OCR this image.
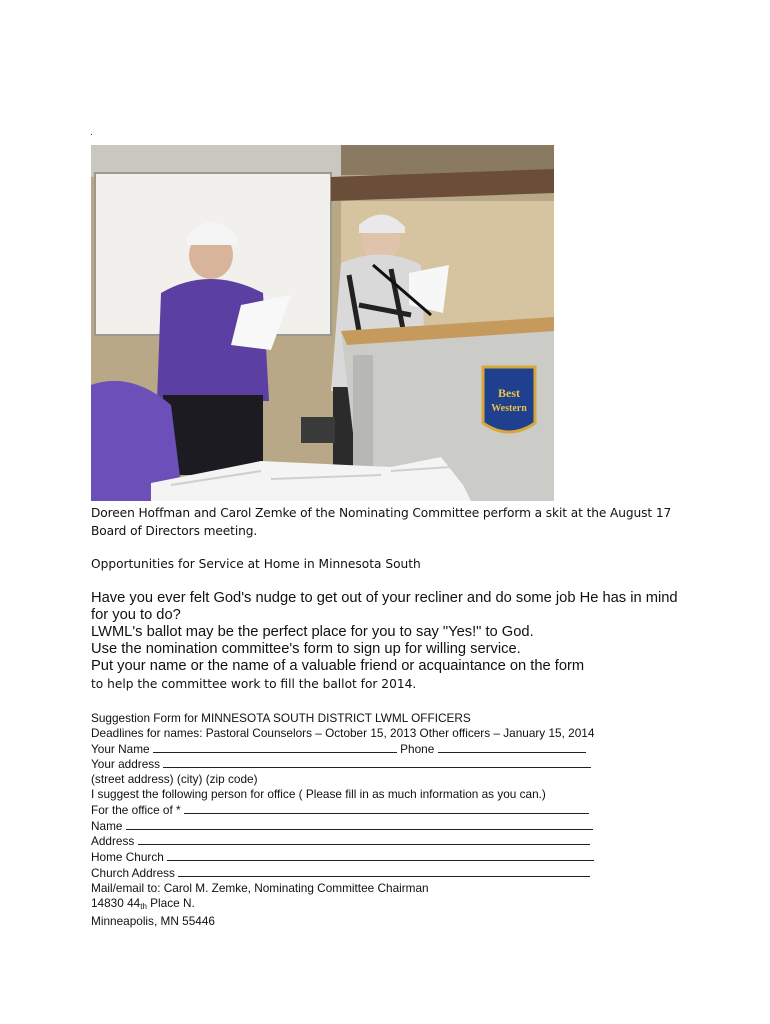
.
Best
Western
Doreen Hoffman and Carol Zemke of the Nominating Committee perform a skit at the August 17 Board of Directors meeting.
Opportunities for Service at Home in Minnesota South
Have you ever felt God's nudge to get out of your recliner and do some job He has in mind for you to do?
LWML's ballot may be the perfect place for you to say "Yes!" to God.
Use the nomination committee's form to sign up for willing service.
Put your name or the name of a valuable friend or acquaintance on the form
to help the committee work to fill the ballot for 2014.
Suggestion Form for MINNESOTA SOUTH DISTRICT LWML OFFICERS
Deadlines for names: Pastoral Counselors – October 15, 2013 Other officers – January 15, 2014
Your Name	Phone
Your address
(street address) (city) (zip code)
I suggest the following person for office ( Please fill in as much information as you can.)
For the office of *
Name
Address
Home Church
Church Address
Mail/email to: Carol M. Zemke, Nominating Committee Chairman
14830 $44_{th}$ Place N.
Minneapolis, MN 55446
